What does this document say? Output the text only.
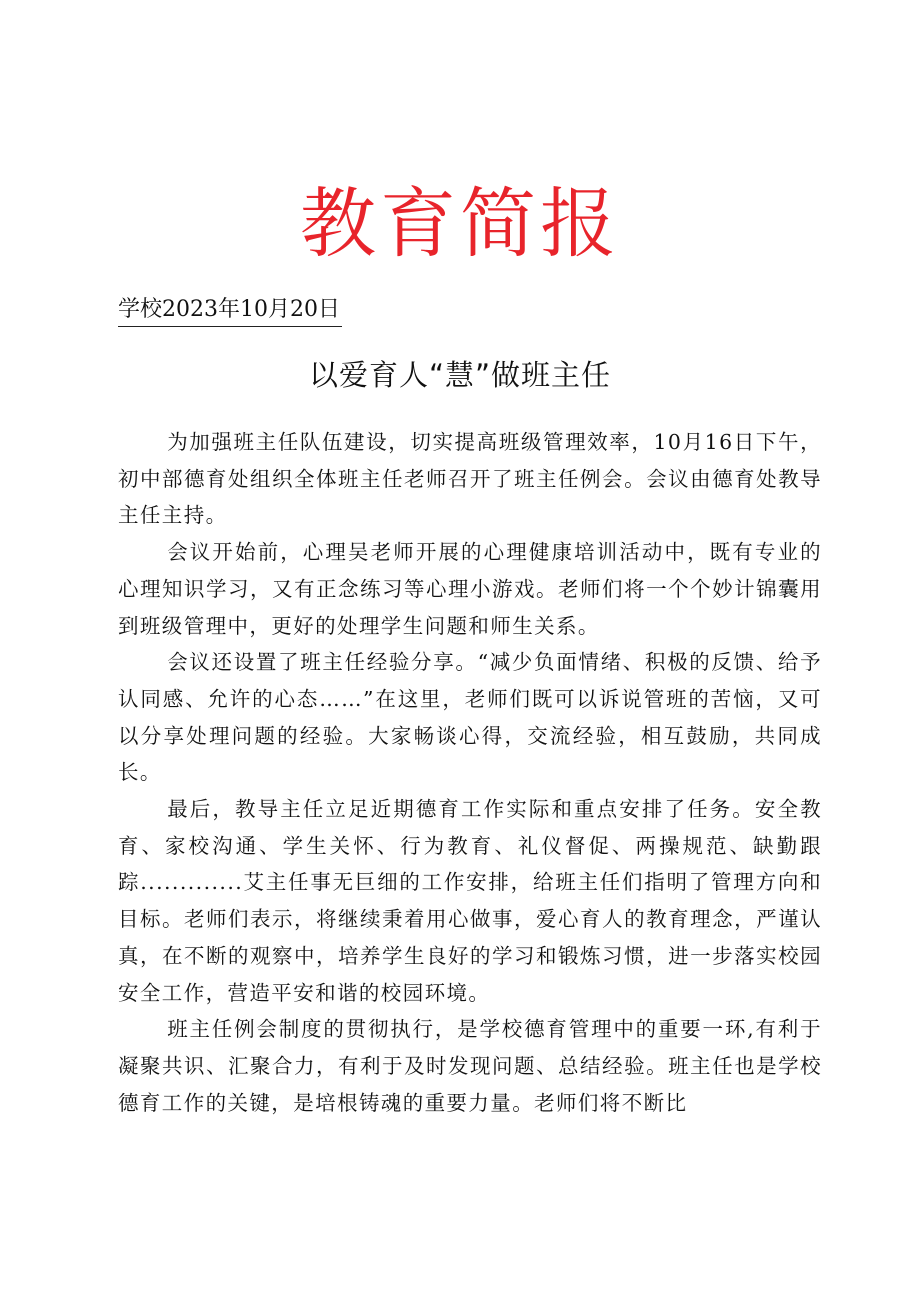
教育简报
学校2023年10月20日
以爱育人“慧”做班主任

为加强班主任队伍建设，切实提高班级管理效率，10月16日下午，初中部德育处组织全体班主任老师召开了班主任例会。会议由德育处教导主任主持。

会议开始前，心理吴老师开展的心理健康培训活动中，既有专业的心理知识学习，又有正念练习等心理小游戏。老师们将一个个妙计锦囊用到班级管理中，更好的处理学生问题和师生关系。

会议还设置了班主任经验分享。“减少负面情绪、积极的反馈、给予认同感、允许的心态……”在这里，老师们既可以诉说管班的苦恼，又可以分享处理问题的经验。大家畅谈心得，交流经验，相互鼓励，共同成长。

最后，教导主任立足近期德育工作实际和重点安排了任务。安全教育、家校沟通、学生关怀、行为教育、礼仪督促、两操规范、缺勤跟踪.............艾主任事无巨细的工作安排，给班主任们指明了管理方向和目标。老师们表示，将继续秉着用心做事，爱心育人的教育理念，严谨认真，在不断的观察中，培养学生良好的学习和锻炼习惯，进一步落实校园安全工作，营造平安和谐的校园环境。

班主任例会制度的贯彻执行，是学校德育管理中的重要一环,有利于凝聚共识、汇聚合力，有利于及时发现问题、总结经验。班主任也是学校德育工作的关键，是培根铸魂的重要力量。老师们将不断比
